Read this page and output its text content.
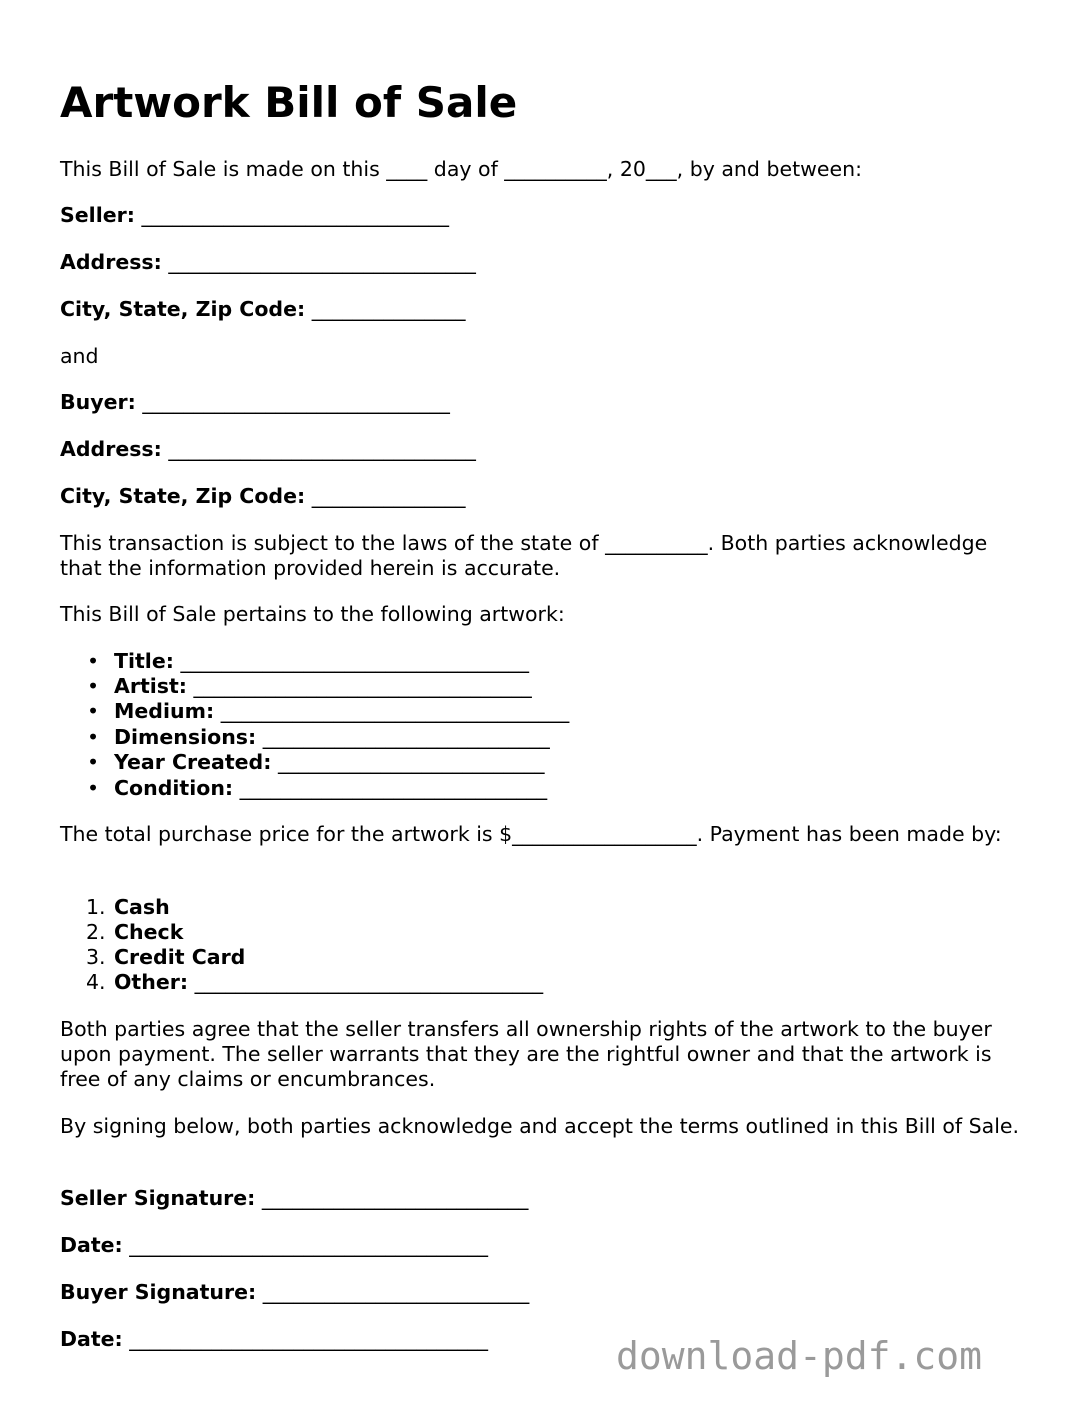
Artwork Bill of Sale

This Bill of Sale is made on this ____ day of __________, 20___, by and between:

Seller: ______________________________
Address: ______________________________
City, State, Zip Code: _______________

and

Buyer: ______________________________
Address: ______________________________
City, State, Zip Code: _______________

This transaction is subject to the laws of the state of __________. Both parties acknowledge that the information provided herein is accurate.

This Bill of Sale pertains to the following artwork:

• Title: __________________________________
• Artist: _________________________________
• Medium: __________________________________
• Dimensions: ____________________________
• Year Created: __________________________
• Condition: ______________________________

The total purchase price for the artwork is $__________________. Payment has been made by:

1. Cash
2. Check
3. Credit Card
4. Other: __________________________________

Both parties agree that the seller transfers all ownership rights of the artwork to the buyer upon payment. The seller warrants that they are the rightful owner and that the artwork is free of any claims or encumbrances.

By signing below, both parties acknowledge and accept the terms outlined in this Bill of Sale.

Seller Signature: __________________________
Date: ___________________________________
Buyer Signature: __________________________
Date: ___________________________________	download-pdf.com
